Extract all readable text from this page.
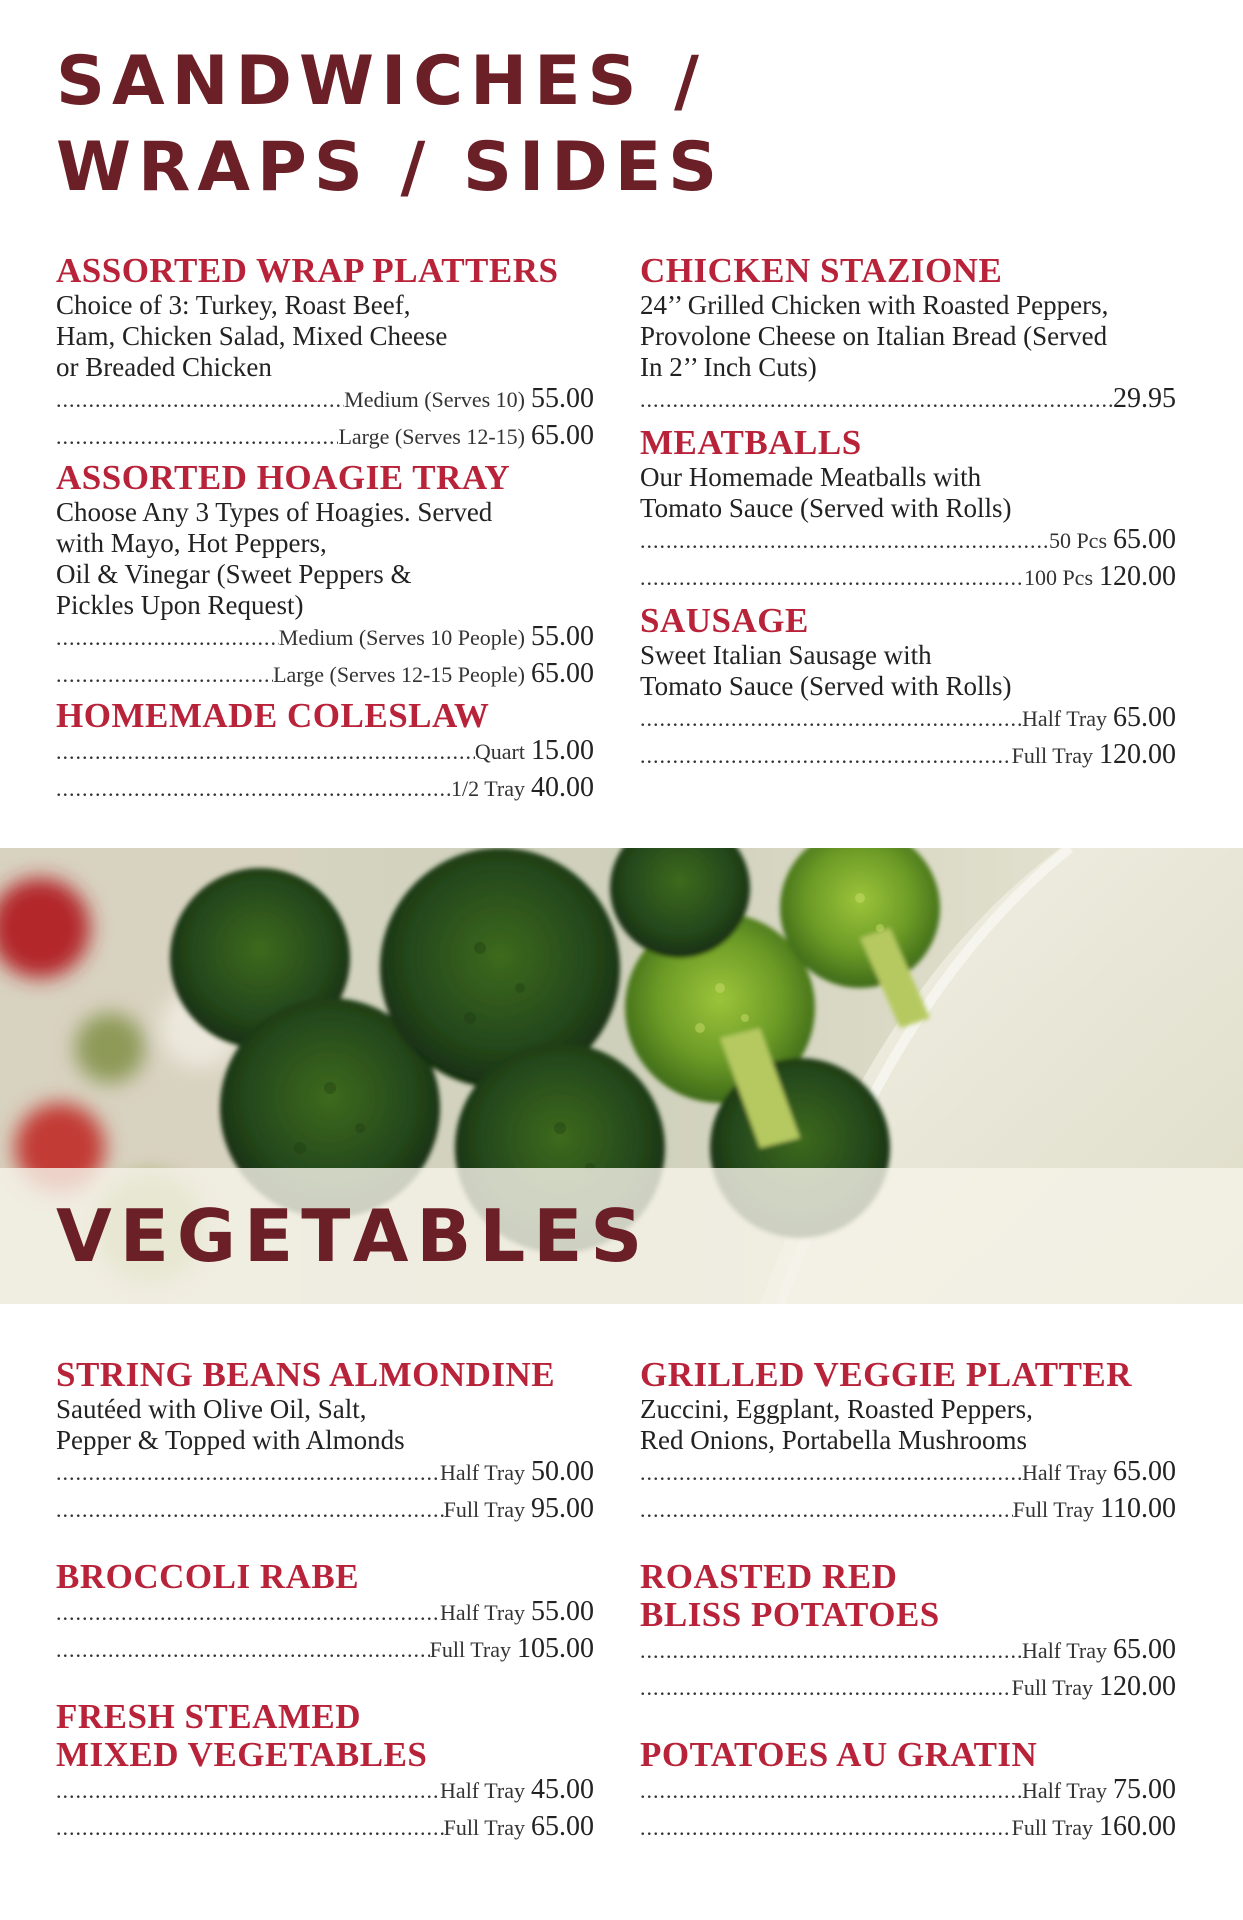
SANDWICHES /
WRAPS / SIDES
ASSORTED WRAP PLATTERS
Choice of 3: Turkey, Roast Beef,
Ham, Chicken Salad, Mixed Cheese
or Breaded Chicken
.....
Medium (Serves 10) 55.00
.....
Large (Serves 12-15) 65.00
ASSORTED HOAGIE TRAY
Choose Any 3 Types of Hoagies. Served
with Mayo, Hot Peppers,
Oil & Vinegar (Sweet Peppers &
Pickles Upon Request)
.....
Medium (Serves 10 People) 55.00
.....
Large (Serves 12-15 People) 65.00
HOMEMADE COLESLAW
.....
Quart 15.00
.....
1/2 Tray 40.00
CHICKEN STAZIONE
24’’ Grilled Chicken with Roasted Peppers,
Provolone Cheese on Italian Bread (Served
In 2’’ Inch Cuts)
.....
29.95
MEATBALLS
Our Homemade Meatballs with
Tomato Sauce (Served with Rolls)
.....
50 Pcs 65.00
.....
100 Pcs 120.00
SAUSAGE
Sweet Italian Sausage with
Tomato Sauce (Served with Rolls)
.....
Half Tray 65.00
.....
Full Tray 120.00
VEGETABLES
STRING BEANS ALMONDINE
Sautéed with Olive Oil, Salt,
Pepper & Topped with Almonds
.....
Half Tray 50.00
.....
Full Tray 95.00
BROCCOLI RABE
.....
Half Tray 55.00
.....
Full Tray 105.00
FRESH STEAMED
MIXED VEGETABLES
.....
Half Tray 45.00
.....
Full Tray 65.00
GRILLED VEGGIE PLATTER
Zuccini, Eggplant, Roasted Peppers,
Red Onions, Portabella Mushrooms
.....
Half Tray 65.00
.....
Full Tray 110.00
ROASTED RED
BLISS POTATOES
.....
Half Tray 65.00
.....
Full Tray 120.00
POTATOES AU GRATIN
.....
Half Tray 75.00
.....
Full Tray 160.00
